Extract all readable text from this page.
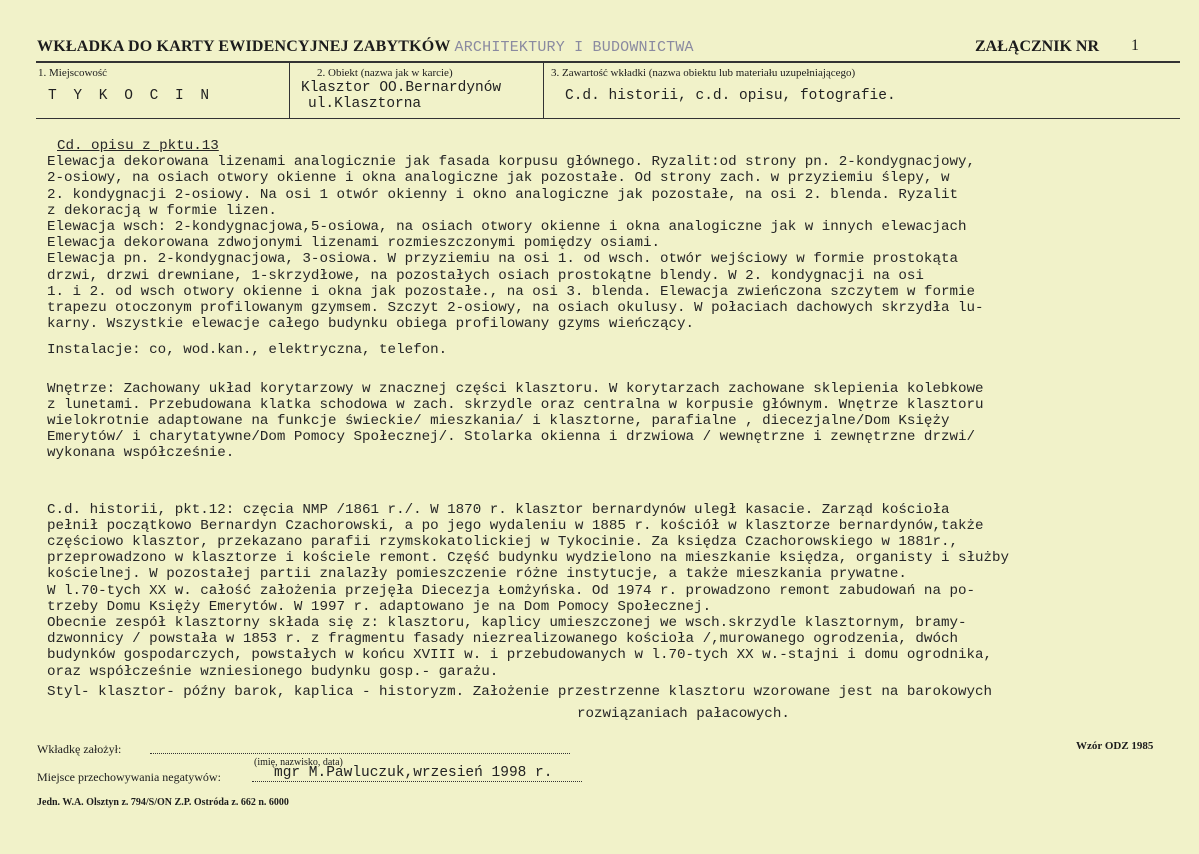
WKŁADKA DO KARTY EWIDENCYJNEJ ZABYTKÓW ARCHITEKTURY I BUDOWNICTWA	ZAŁĄCZNIK NR 1
1. Miejscowość
T Y K O C I N
2. Obiekt (nazwa jak w karcie)
Klasztor OO.Bernardynów
ul.Klasztorna
3. Zawartość wkładki (nazwa obiektu lub materiału uzupełniającego)
C.d. historii, c.d. opisu, fotografie.

Cd. opisu z pktu.13

Elewacja dekorowana lizenami analogicznie jak fasada korpusu głównego. Ryzalit:od strony pn. 2-kondygnacjowy,

2-osiowy, na osiach otwory okienne i okna analogiczne jak pozostałe. Od strony zach. w przyziemiu ślepy, w

2. kondygnacji 2-osiowy. Na osi 1 otwór okienny i okno analogiczne jak pozostałe, na osi 2. blenda. Ryzalit

z dekoracją w formie lizen.

Elewacja wsch: 2-kondygnacjowa,5-osiowa, na osiach otwory okienne i okna analogiczne jak w innych elewacjach

Elewacja dekorowana zdwojonymi lizenami rozmieszczonymi pomiędzy osiami.

Elewacja pn. 2-kondygnacjowa, 3-osiowa. W przyziemiu na osi 1. od wsch. otwór wejściowy w formie prostokąta

drzwi, drzwi drewniane, 1-skrzydłowe, na pozostałych osiach prostokątne blendy. W 2. kondygnacji na osi

1. i 2. od wsch otwory okienne i okna jak pozostałe., na osi 3. blenda. Elewacja zwieńczona szczytem w formie

trapezu otoczonym profilowanym gzymsem. Szczyt 2-osiowy, na osiach okulusy. W połaciach dachowych skrzydła lu-

karny. Wszystkie elewacje całego budynku obiega profilowany gzyms wieńczący.

Instalacje: co, wod.kan., elektryczna, telefon.

Wnętrze: Zachowany układ korytarzowy w znacznej części klasztoru. W korytarzach zachowane sklepienia kolebkowe

z lunetami. Przebudowana klatka schodowa w zach. skrzydle oraz centralna w korpusie głównym. Wnętrze klasztoru

wielokrotnie adaptowane na funkcje świeckie/ mieszkania/ i klasztorne, parafialne , diecezjalne/Dom Księży

Emerytów/ i charytatywne/Dom Pomocy Społecznej/. Stolarka okienna i drzwiowa / wewnętrzne i zewnętrzne drzwi/

wykonana współcześnie.

C.d. historii, pkt.12: częcia NMP /1861 r./. W 1870 r. klasztor bernardynów uległ kasacie. Zarząd kościoła

pełnił początkowo Bernardyn Czachorowski, a po jego wydaleniu w 1885 r. kościół w klasztorze bernardynów,także

częściowo klasztor, przekazano parafii rzymskokatolickiej w Tykocinie. Za księdza Czachorowskiego w 1881r.,

przeprowadzono w klasztorze i kościele remont. Część budynku wydzielono na mieszkanie księdza, organisty i służby

kościelnej. W pozostałej partii znalazły pomieszczenie różne instytucje, a także mieszkania prywatne.

W l.70-tych XX w. całość założenia przejęła Diecezja Łomżyńska. Od 1974 r. prowadzono remont zabudowań na po-

trzeby Domu Księży Emerytów. W 1997 r. adaptowano je na Dom Pomocy Społecznej.

Obecnie zespół klasztorny składa się z: klasztoru, kaplicy umieszczonej we wsch.skrzydle klasztornym, bramy-

dzwonnicy / powstała w 1853 r. z fragmentu fasady niezrealizowanego kościoła /,murowanego ogrodzenia, dwóch

budynków gospodarczych, powstałych w końcu XVIII w. i przebudowanych w l.70-tych XX w.-stajni i domu ogrodnika,

oraz współcześnie wzniesionego budynku gosp.- garażu.

Styl- klasztor- późny barok, kaplica - historyzm. Założenie przestrzenne klasztoru wzorowane jest na barokowych

rozwiązaniach pałacowych.

Wkładkę założył:
(imię, nazwisko, data)
Wzór ODZ 1985
Miejsce przechowywania negatywów:	mgr M.Pawluczuk,wrzesień 1998 r.
Jedn. W.A. Olsztyn z. 794/S/ON Z.P. Ostróda z. 662 n. 6000
